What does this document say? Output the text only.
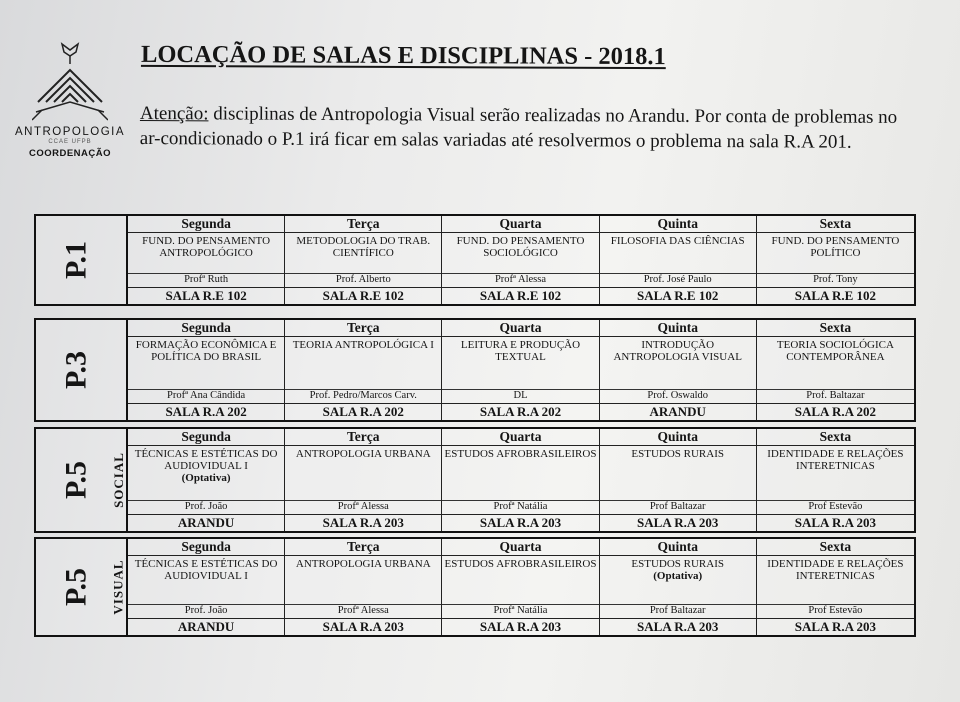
ANTROPOLOGIA
CCAE UFPB
COORDENAÇÃO
LOCAÇÃO DE SALAS E DISCIPLINAS - 2018.1
Atenção: disciplinas de Antropologia Visual serão realizadas no Arandu. Por conta de problemas no ar-condicionado o P.1 irá ficar em salas variadas até resolvermos o problema na sala R.A 201.
P.1
Segunda
FUND. DO PENSAMENTO ANTROPOLÓGICO
Profª Ruth
SALA R.E 102
Terça
METODOLOGIA DO TRAB. CIENTÍFICO
Prof. Alberto
SALA R.E 102
Quarta
FUND. DO PENSAMENTO SOCIOLÓGICO
Profª Alessa
SALA R.E 102
Quinta
FILOSOFIA DAS CIÊNCIAS
Prof. José Paulo
SALA R.E 102
Sexta
FUND. DO PENSAMENTO POLÍTICO
Prof. Tony
SALA R.E 102
P.3
Segunda
FORMAÇÃO ECONÔMICA E POLÍTICA DO BRASIL
Profª Ana Cândida
SALA R.A 202
Terça
TEORIA ANTROPOLÓGICA I
Prof. Pedro/Marcos Carv.
SALA R.A 202
Quarta
LEITURA E PRODUÇÃO TEXTUAL
DL
SALA R.A 202
Quinta
INTRODUÇÃO ANTROPOLOGIA VISUAL
Prof. Oswaldo
ARANDU
Sexta
TEORIA SOCIOLÓGICA CONTEMPORÂNEA
Prof. Baltazar
SALA R.A 202
P.5 SOCIAL
Segunda
TÉCNICAS E ESTÉTICAS DO AUDIOVIDUAL I
(Optativa)
Prof. João
ARANDU
Terça
ANTROPOLOGIA URBANA
Profª Alessa
SALA R.A 203
Quarta
ESTUDOS AFROBRASILEIROS
Profª Natália
SALA R.A 203
Quinta
ESTUDOS RURAIS
Prof Baltazar
SALA R.A 203
Sexta
IDENTIDADE E RELAÇÕES INTERETNICAS
Prof Estevão
SALA R.A 203
P.5 VISUAL
Segunda
TÉCNICAS E ESTÉTICAS DO AUDIOVIDUAL I
Prof. João
ARANDU
Terça
ANTROPOLOGIA URBANA
Profª Alessa
SALA R.A 203
Quarta
ESTUDOS AFROBRASILEIROS
Profª Natália
SALA R.A 203
Quinta
ESTUDOS RURAIS
(Optativa)
Prof Baltazar
SALA R.A 203
Sexta
IDENTIDADE E RELAÇÕES INTERETNICAS
Prof Estevão
SALA R.A 203
